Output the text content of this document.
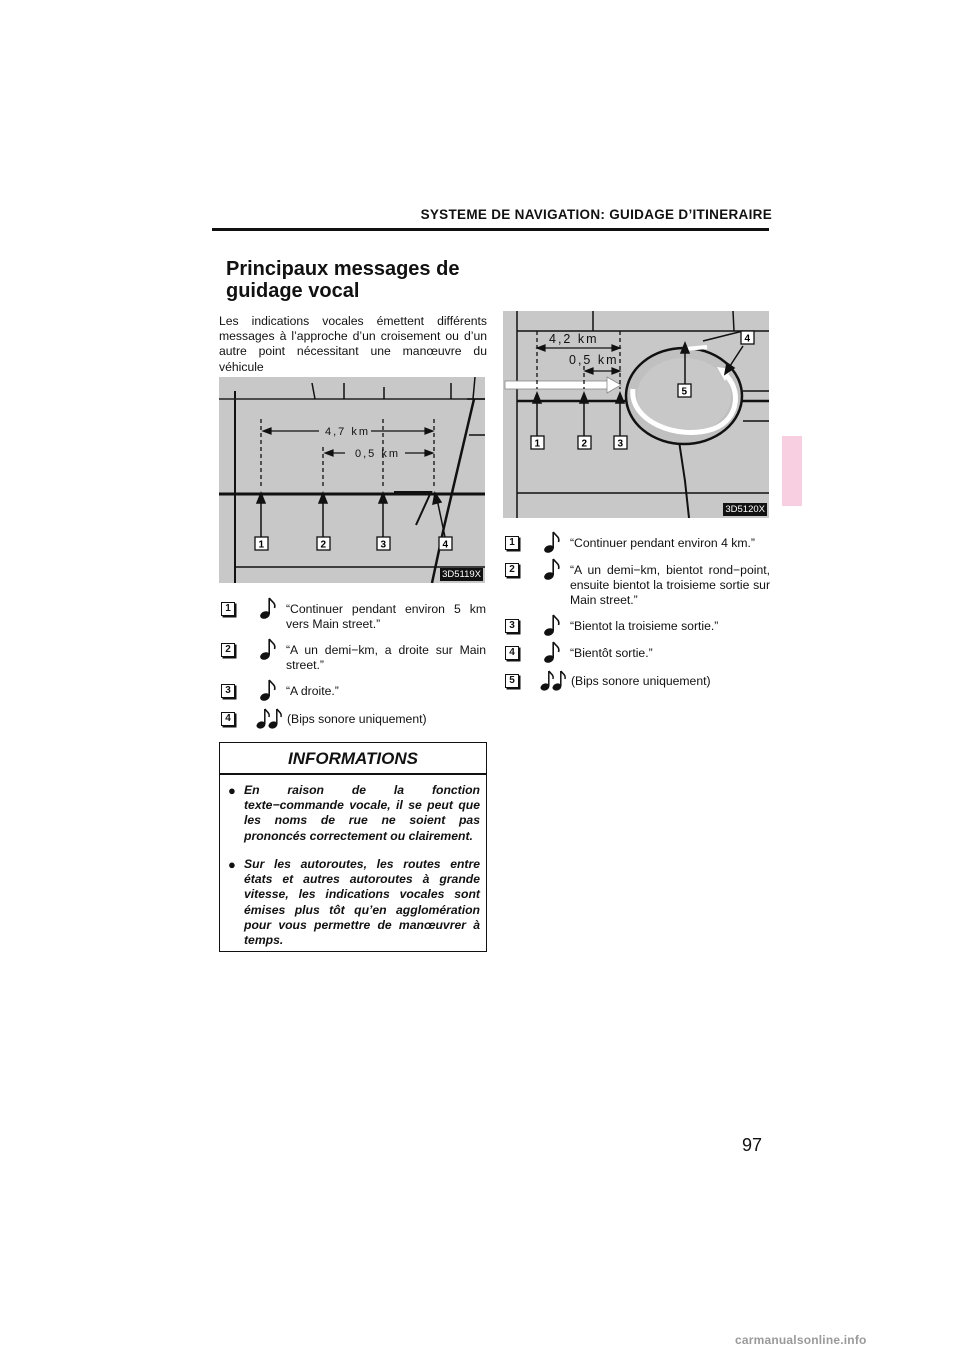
SYSTEME DE NAVIGATION: GUIDAGE D’ITINERAIRE
Principaux messages de
guidage vocal
Les indications vocales émettent différents messages à l’approche d’un croisement ou d’un autre point nécessitant une manœuvre du véhicule
4,7 km
0,5 km
1	2	3	4
3D5119X
1	“Continuer pendant environ 5 km vers Main street.”
2	“A un demi−km, a droite sur Main street.”
3	“A droite.”
4	(Bips sonore uniquement)
INFORMATIONS
● En raison de la fonction texte−commande vocale, il se peut que les noms de rue ne soient pas prononcés correctement ou clairement.
● Sur les autoroutes, les routes entre états et autres autoroutes à grande vitesse, les indications vocales sont émises plus tôt qu’en agglomération pour vous permettre de manœuvrer à temps.
4,2 km
0,5 km
1	2	3
4
5
3D5120X
1	“Continuer pendant environ 4 km.”
2	“A un demi−km, bientot rond−point, ensuite bientot la troisieme sortie sur Main street.”
3	“Bientot la troisieme sortie.”
4	“Bientôt sortie.”
5	(Bips sonore uniquement)
97
carmanualsonline.info
